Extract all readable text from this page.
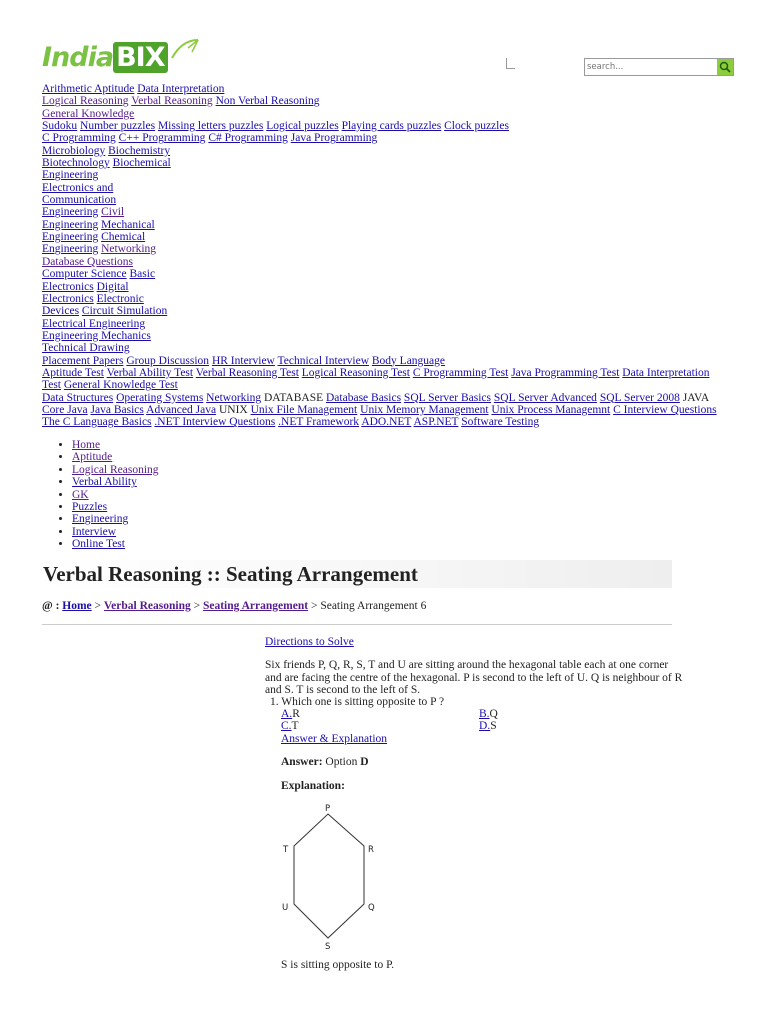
India BIX
search...
Arithmetic Aptitude Data Interpretation
Logical Reasoning Verbal Reasoning Non Verbal Reasoning
General Knowledge
Sudoku Number puzzles Missing letters puzzles Logical puzzles Playing cards puzzles Clock puzzles
C Programming C++ Programming C# Programming Java Programming
Microbiology Biochemistry
Biotechnology Biochemical
Engineering
Electronics and
Communication
Engineering Civil
Engineering Mechanical
Engineering Chemical
Engineering Networking
Database Questions
Computer Science Basic
Electronics Digital
Electronics Electronic
Devices Circuit Simulation
Electrical Engineering
Engineering Mechanics
Technical Drawing
Placement Papers Group Discussion HR Interview Technical Interview Body Language
Aptitude Test Verbal Ability Test Verbal Reasoning Test Logical Reasoning Test C Programming Test Java Programming Test Data Interpretation
Test General Knowledge Test
Data Structures Operating Systems Networking DATABASE Database Basics SQL Server Basics SQL Server Advanced SQL Server 2008 JAVA
Core Java Java Basics Advanced Java UNIX Unix File Management Unix Memory Management Unix Process Managemnt C Interview Questions
The C Language Basics .NET Interview Questions .NET Framework ADO.NET ASP.NET Software Testing
• Home
• Aptitude
• Logical Reasoning
• Verbal Ability
• GK
• Puzzles
• Engineering
• Interview
• Online Test
Verbal Reasoning :: Seating Arrangement
@ : Home > Verbal Reasoning > Seating Arrangement > Seating Arrangement 6
Directions to Solve
Six friends P, Q, R, S, T and U are sitting around the hexagonal table each at one corner and are facing the centre of the hexagonal. P is second to the left of U. Q is neighbour of R and S. T is second to the left of S.
1. Which one is sitting opposite to P ?
A.R	B.Q
C.T	D.S
Answer & Explanation
Answer: Option D
Explanation:
P
R
Q
S
U
T
S is sitting opposite to P.
